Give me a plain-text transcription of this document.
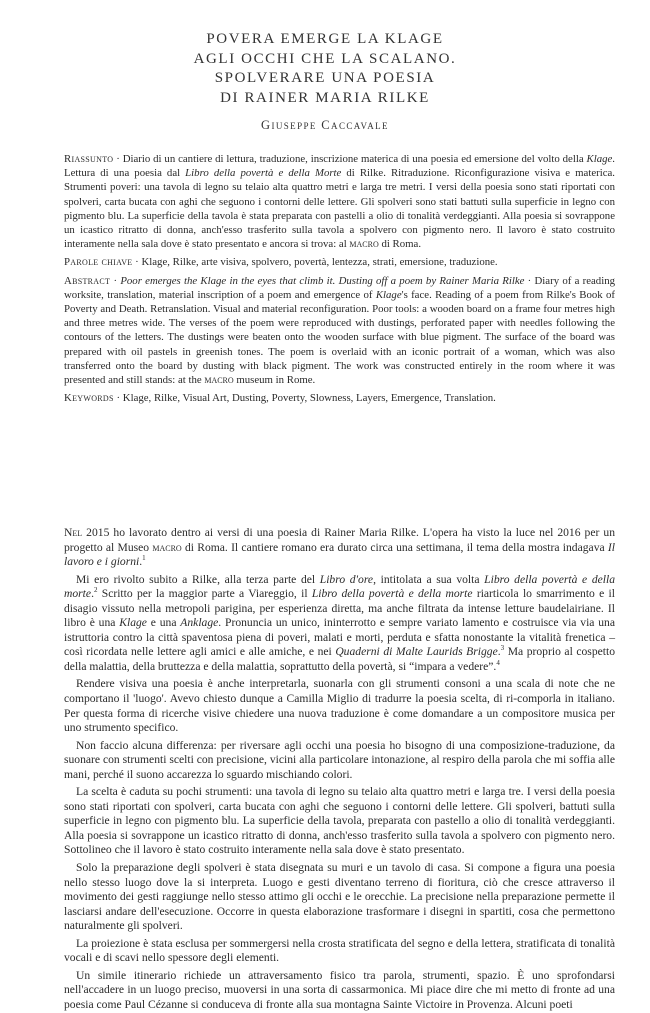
POVERA EMERGE LA KLAGE
AGLI OCCHI CHE LA SCALANO.
SPOLVERARE UNA POESIA
DI RAINER MARIA RILKE
Giuseppe Caccavale

Riassunto · Diario di un cantiere di lettura, traduzione, inscrizione materica di una poesia ed emersione del volto della Klage. Lettura di una poesia dal Libro della povertà e della Morte di Rilke. Ritraduzione. Riconfigurazione visiva e materica. Strumenti poveri: una tavola di legno su telaio alta quattro metri e larga tre metri. I versi della poesia sono stati riportati con spolveri, carta bucata con aghi che seguono i contorni delle lettere. Gli spolveri sono stati battuti sulla superficie in legno con pigmento blu. La superficie della tavola è stata preparata con pastelli a olio di tonalità verdeggianti. Alla poesia si sovrappone un icastico ritratto di donna, anch'esso trasferito sulla tavola a spolvero con pigmento nero. Il lavoro è stato costruito interamente nella sala dove è stato presentato e ancora si trova: al macro di Roma.

Parole chiave · Klage, Rilke, arte visiva, spolvero, povertà, lentezza, strati, emersione, traduzione.

Abstract · Poor emerges the Klage in the eyes that climb it. Dusting off a poem by Rainer Maria Rilke · Diary of a reading worksite, translation, material inscription of a poem and emergence of Klage's face. Reading of a poem from Rilke's Book of Poverty and Death. Retranslation. Visual and material reconfiguration. Poor tools: a wooden board on a frame four metres high and three metres wide. The verses of the poem were reproduced with dustings, perforated paper with needles following the contours of the letters. The dustings were beaten onto the wooden surface with blue pigment. The surface of the board was prepared with oil pastels in greenish tones. The poem is overlaid with an iconic portrait of a woman, which was also transferred onto the board by dusting with black pigment. The work was constructed entirely in the room where it was presented and still stands: at the macro museum in Rome.

Keywords · Klage, Rilke, Visual Art, Dusting, Poverty, Slowness, Layers, Emergence, Translation.

Nel 2015 ho lavorato dentro ai versi di una poesia di Rainer Maria Rilke. L'opera ha visto la luce nel 2016 per un progetto al Museo macro di Roma. Il cantiere romano era durato circa una settimana, il tema della mostra indagava Il lavoro e i giorni.$^1$

Mi ero rivolto subito a Rilke, alla terza parte del Libro d'ore, intitolata a sua volta Libro della povertà e della morte.$^2$ Scritto per la maggior parte a Viareggio, il Libro della povertà e della morte riarticola lo smarrimento e il disagio vissuto nella metropoli parigina, per esperienza diretta, ma anche filtrata da intense letture baudelairiane. Il libro è una Klage e una Anklage. Pronuncia un unico, ininterrotto e sempre variato lamento e costruisce via via una istruttoria contro la città spaventosa piena di poveri, malati e morti, perduta e sfatta nonostante la vitalità frenetica – così ricordata nelle lettere agli amici e alle amiche, e nei Quaderni di Malte Laurids Brigge.$^3$ Ma proprio al cospetto della malattia, della bruttezza e della malattia, soprattutto della povertà, si “impara a vedere”.$^4$

Rendere visiva una poesia è anche interpretarla, suonarla con gli strumenti consoni a una scala di note che ne comportano il 'luogo'. Avevo chiesto dunque a Camilla Miglio di tradurre la poesia scelta, di ri-comporla in italiano. Per questa forma di ricerche visive chiedere una nuova traduzione è come domandare a un compositore musica per uno strumento specifico.

Non faccio alcuna differenza: per riversare agli occhi una poesia ho bisogno di una composizione-traduzione, da suonare con strumenti scelti con precisione, vicini alla particolare intonazione, al respiro della parola che mi soffia alle mani, perché il suono accarezza lo sguardo mischiando colori.

La scelta è caduta su pochi strumenti: una tavola di legno su telaio alta quattro metri e larga tre. I versi della poesia sono stati riportati con spolveri, carta bucata con aghi che seguono i contorni delle lettere. Gli spolveri, battuti sulla superficie in legno con pigmento blu. La superficie della tavola, preparata con pastello a olio di tonalità verdeggianti. Alla poesia si sovrappone un icastico ritratto di donna, anch'esso trasferito sulla tavola a spolvero con pigmento nero. Sottolineo che il lavoro è stato costruito interamente nella sala dove è stato presentato.

Solo la preparazione degli spolveri è stata disegnata su muri e un tavolo di casa. Si compone a figura una poesia nello stesso luogo dove la si interpreta. Luogo e gesti diventano terreno di fioritura, ciò che cresce attraverso il movimento dei gesti raggiunge nello stesso attimo gli occhi e le orecchie. La precisione nella preparazione permette il lasciarsi andare dell'esecuzione. Occorre in questa elaborazione trasformare i disegni in spartiti, cosa che permettono naturalmente gli spolveri.

La proiezione è stata esclusa per sommergersi nella crosta stratificata del segno e della lettera, stratificata di tonalità vocali e di scavi nello spessore degli elementi.

Un simile itinerario richiede un attraversamento fisico tra parola, strumenti, spazio. È uno sprofondarsi nell'accadere in un luogo preciso, muoversi in una sorta di cassarmonica. Mi piace dire che mi metto di fronte ad una poesia come Paul Cézanne si conduceva di fronte alla sua montagna Sainte Victoire in Provenza. Alcuni poeti
